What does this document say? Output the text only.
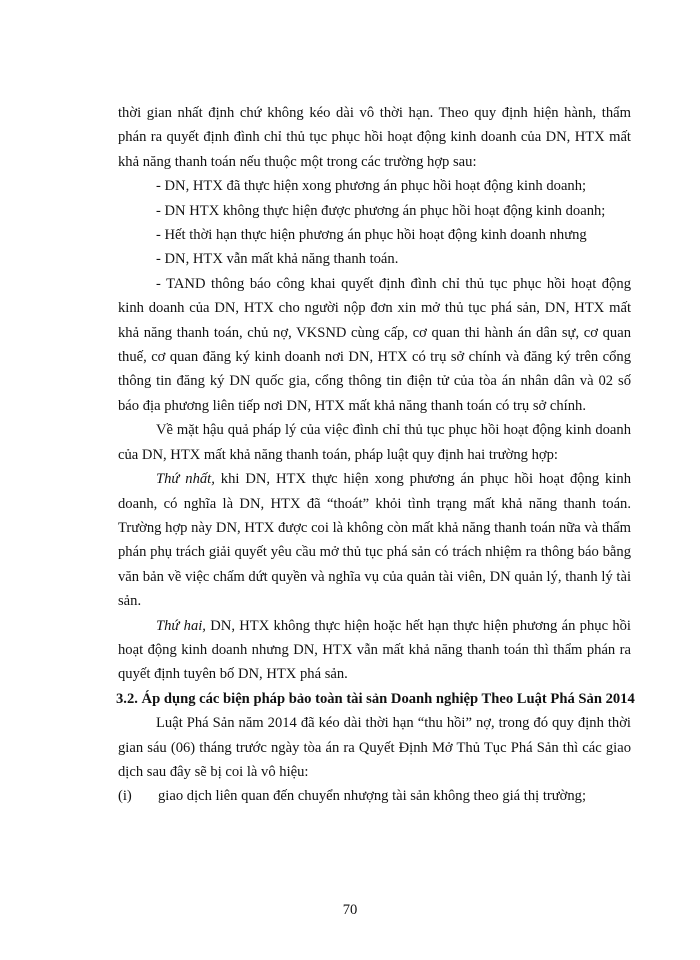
thời gian nhất định chứ không kéo dài vô thời hạn. Theo quy định hiện hành, thẩm phán ra quyết định đình chỉ thủ tục phục hồi hoạt động kinh doanh của DN, HTX mất khả năng thanh toán nếu thuộc một trong các trường hợp sau:

- DN, HTX đã thực hiện xong phương án phục hồi hoạt động kinh doanh;

- DN HTX không thực hiện được phương án phục hồi hoạt động kinh doanh;

- Hết thời hạn thực hiện phương án phục hồi hoạt động kinh doanh nhưng

- DN, HTX vẫn mất khả năng thanh toán.

- TAND thông báo công khai quyết định đình chỉ thủ tục phục hồi hoạt động kinh doanh của DN, HTX cho người nộp đơn xin mở thủ tục phá sản, DN, HTX mất khả năng thanh toán, chủ nợ, VKSND cùng cấp, cơ quan thi hành án dân sự, cơ quan thuế, cơ quan đăng ký kinh doanh nơi DN, HTX có trụ sở chính và đăng ký trên cổng thông tin đăng ký DN quốc gia, cổng thông tin điện tử của tòa án nhân dân và 02 số báo địa phương liên tiếp nơi DN, HTX mất khả năng thanh toán có trụ sở chính.

Về mặt hậu quả pháp lý của việc đình chỉ thủ tục phục hồi hoạt động kinh doanh của DN, HTX mất khả năng thanh toán, pháp luật quy định hai trường hợp:

Thứ nhất, khi DN, HTX thực hiện xong phương án phục hồi hoạt động kinh doanh, có nghĩa là DN, HTX đã “thoát” khỏi tình trạng mất khả năng thanh toán. Trường hợp này DN, HTX được coi là không còn mất khả năng thanh toán nữa và thẩm phán phụ trách giải quyết yêu cầu mở thủ tục phá sản có trách nhiệm ra thông báo bằng văn bản về việc chấm dứt quyền và nghĩa vụ của quản tài viên, DN quản lý, thanh lý tài sản.

Thứ hai, DN, HTX không thực hiện hoặc hết hạn thực hiện phương án phục hồi hoạt động kinh doanh nhưng DN, HTX vẫn mất khả năng thanh toán thì thẩm phán ra quyết định tuyên bố DN, HTX phá sản.

3.2. Áp dụng các biện pháp bảo toàn tài sản Doanh nghiệp Theo Luật Phá Sản 2014

Luật Phá Sản năm 2014 đã kéo dài thời hạn “thu hồi” nợ, trong đó quy định thời gian sáu (06) tháng trước ngày tòa án ra Quyết Định Mở Thủ Tục Phá Sản thì các giao dịch sau đây sẽ bị coi là vô hiệu:

(i)	giao dịch liên quan đến chuyển nhượng tài sản không theo giá thị trường;
70
